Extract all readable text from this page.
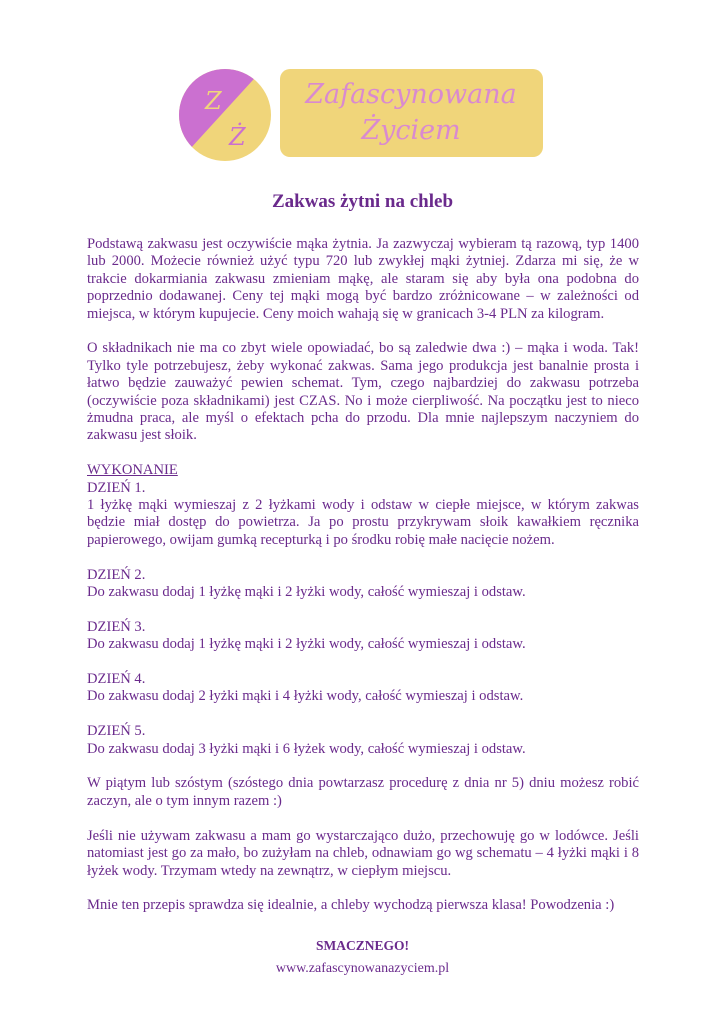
Z
Ż
Zafascynowana
Życiem
Zakwas żytni na chleb

Podstawą zakwasu jest oczywiście mąka żytnia. Ja zazwyczaj wybieram tą razową, typ 1400 lub 2000. Możecie również użyć typu 720 lub zwykłej mąki żytniej. Zdarza mi się, że w trakcie dokarmiania zakwasu zmieniam mąkę, ale staram się aby była ona podobna do poprzednio dodawanej. Ceny tej mąki mogą być bardzo zróżnicowane – w zależności od miejsca, w którym kupujecie. Ceny moich wahają się w granicach 3-4 PLN za kilogram.

O składnikach nie ma co zbyt wiele opowiadać, bo są zaledwie dwa :) – mąka i woda. Tak! Tylko tyle potrzebujesz, żeby wykonać zakwas. Sama jego produkcja jest banalnie prosta i łatwo będzie zauważyć pewien schemat. Tym, czego najbardziej do zakwasu potrzeba (oczywiście poza składnikami) jest CZAS. No i może cierpliwość. Na początku jest to nieco żmudna praca, ale myśl o efektach pcha do przodu. Dla mnie najlepszym naczyniem do zakwasu jest słoik.

WYKONANIE

DZIEŃ 1.

1 łyżkę mąki wymieszaj z 2 łyżkami wody i odstaw w ciepłe miejsce, w którym zakwas będzie miał dostęp do powietrza. Ja po prostu przykrywam słoik kawałkiem ręcznika papierowego, owijam gumką recepturką i po środku robię małe nacięcie nożem.

DZIEŃ 2.

Do zakwasu dodaj 1 łyżkę mąki i 2 łyżki wody, całość wymieszaj i odstaw.

DZIEŃ 3.

Do zakwasu dodaj 1 łyżkę mąki i 2 łyżki wody, całość wymieszaj i odstaw.

DZIEŃ 4.

Do zakwasu dodaj 2 łyżki mąki i 4 łyżki wody, całość wymieszaj i odstaw.

DZIEŃ 5.

Do zakwasu dodaj 3 łyżki mąki i 6 łyżek wody, całość wymieszaj i odstaw.

W piątym lub szóstym (szóstego dnia powtarzasz procedurę z dnia nr 5) dniu możesz robić zaczyn, ale o tym innym razem :)

Jeśli nie używam zakwasu a mam go wystarczająco dużo, przechowuję go w lodówce. Jeśli natomiast jest go za mało, bo zużyłam na chleb, odnawiam go wg schematu – 4 łyżki mąki i 8 łyżek wody. Trzymam wtedy na zewnątrz, w ciepłym miejscu.

Mnie ten przepis sprawdza się idealnie, a chleby wychodzą pierwsza klasa! Powodzenia :)

SMACZNEGO!
www.zafascynowanazyciem.pl
